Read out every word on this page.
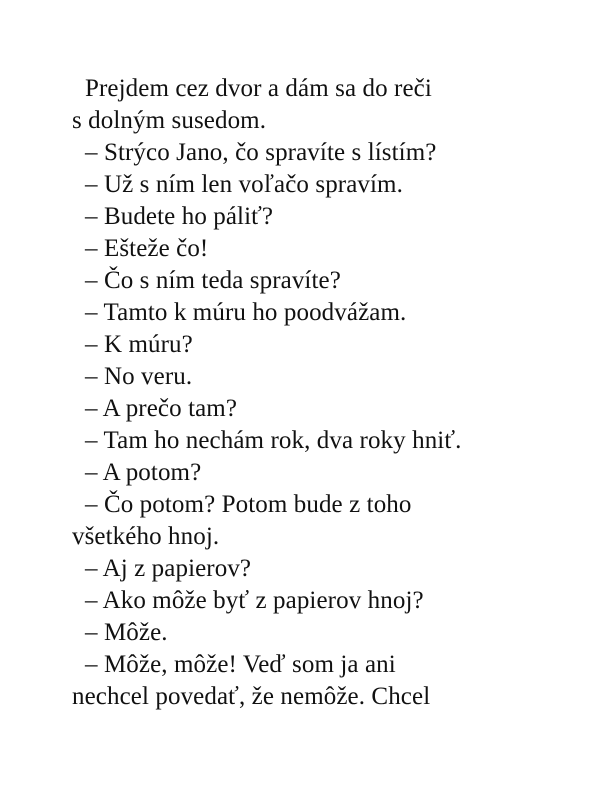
Prejdem cez dvor a dám sa do reči
s dolným susedom.
– Strýco Jano, čo spravíte s lístím?
– Už s ním len voľačo spravím.
– Budete ho páliť?
– Ešteže čo!
– Čo s ním teda spravíte?
– Tamto k múru ho poodvážam.
– K múru?
– No veru.
– A prečo tam?
– Tam ho nechám rok, dva roky hniť.
– A potom?
– Čo potom? Potom bude z toho
všetkého hnoj.
– Aj z papierov?
– Ako môže byť z papierov hnoj?
– Môže.
– Môže, môže! Veď som ja ani
nechcel povedať, že nemôže. Chcel
